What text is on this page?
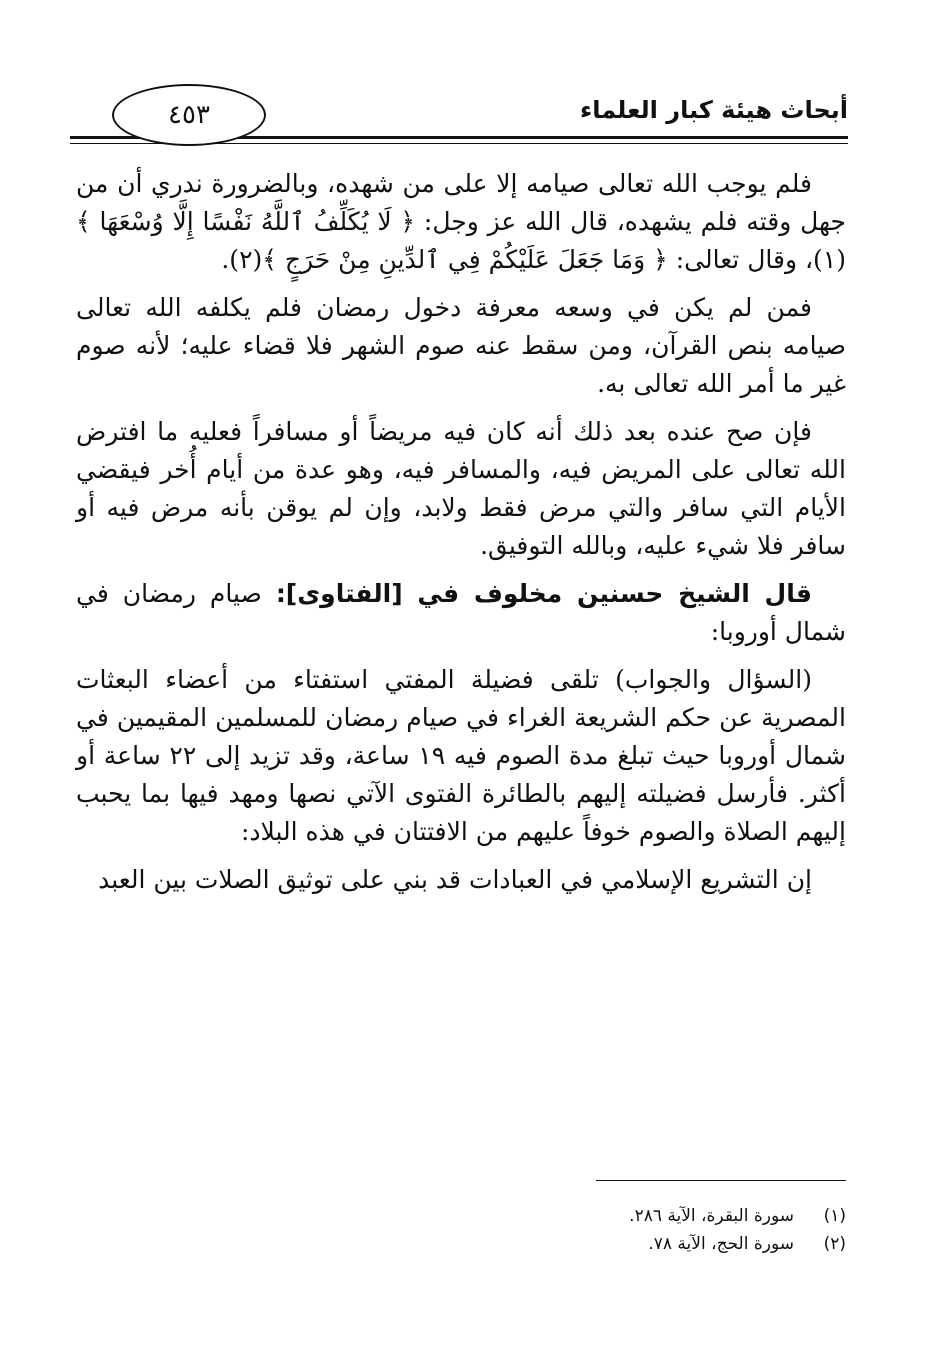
أبحاث هيئة كبار العلماء
٤٥٣

فلم يوجب الله تعالى صيامه إلا على من شهده، وبالضرورة ندري أن من جهل وقته فلم يشهده، قال الله عز وجل: ﴿ لَا يُكَلِّفُ ٱللَّهُ نَفْسًا إِلَّا وُسْعَهَا ﴾(١)، وقال تعالى: ﴿ وَمَا جَعَلَ عَلَيْكُمْ فِي ٱلدِّينِ مِنْ حَرَجٍ ﴾(٢).

فمن لم يكن في وسعه معرفة دخول رمضان فلم يكلفه الله تعالى صيامه بنص القرآن، ومن سقط عنه صوم الشهر فلا قضاء عليه؛ لأنه صوم غير ما أمر الله تعالى به.

فإن صح عنده بعد ذلك أنه كان فيه مريضاً أو مسافراً فعليه ما افترض الله تعالى على المريض فيه، والمسافر فيه، وهو عدة من أيام أُخر فيقضي الأيام التي سافر والتي مرض فقط ولابد، وإن لم يوقن بأنه مرض فيه أو سافر فلا شيء عليه، وبالله التوفيق.

قال الشيخ حسنين مخلوف في [الفتاوى]: صيام رمضان في شمال أوروبا:

(السؤال والجواب) تلقى فضيلة المفتي استفتاء من أعضاء البعثات المصرية عن حكم الشريعة الغراء في صيام رمضان للمسلمين المقيمين في شمال أوروبا حيث تبلغ مدة الصوم فيه ١٩ ساعة، وقد تزيد إلى ٢٢ ساعة أو أكثر. فأرسل فضيلته إليهم بالطائرة الفتوى الآتي نصها ومهد فيها بما يحبب إليهم الصلاة والصوم خوفاً عليهم من الافتتان في هذه البلاد:

إن التشريع الإسلامي في العبادات قد بني على توثيق الصلات بين العبد

(١)
سورة البقرة، الآية ٢٨٦.
(٢)
سورة الحج، الآية ٧٨.
